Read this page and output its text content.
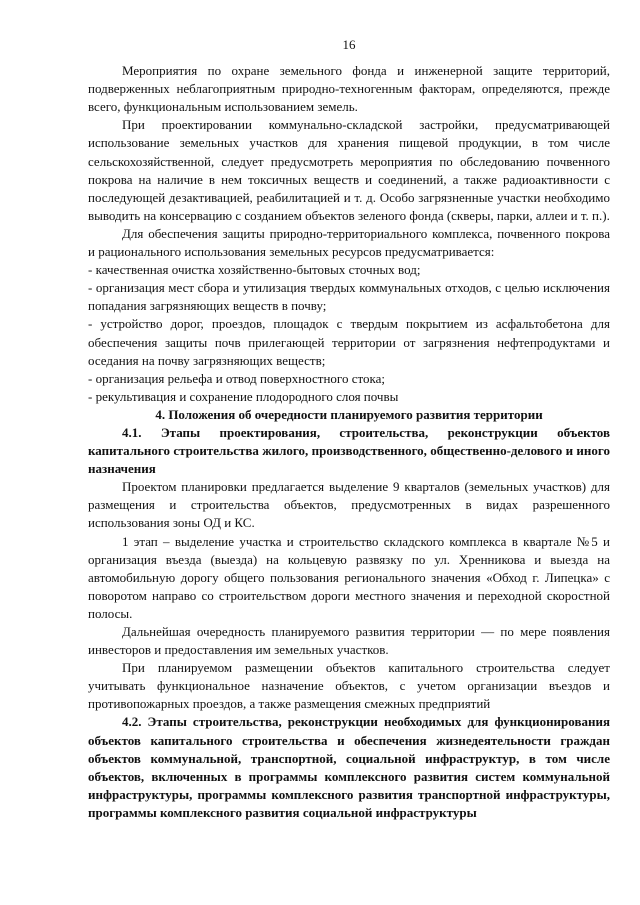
16

Мероприятия по охране земельного фонда и инженерной защите территорий, подверженных неблагоприятным природно-техногенным факторам, определяются, прежде всего, функциональным использованием земель.

При проектировании коммунально-складской застройки, предусматривающей использование земельных участков для хранения пищевой продукции, в том числе сельскохозяйственной, следует предусмотреть мероприятия по обследованию почвенного покрова на наличие в нем токсичных веществ и соединений, а также радиоактивности с последующей дезактивацией, реабилитацией и т. д. Особо загрязненные участки необходимо выводить на консервацию с созданием объектов зеленого фонда (скверы, парки, аллеи и т. п.).

Для обеспечения защиты природно-территориального комплекса, почвенного покрова и рационального использования земельных ресурсов предусматривается:

- качественная очистка хозяйственно-бытовых сточных вод;

- организация мест сбора и утилизация твердых коммунальных отходов, с целью исключения попадания загрязняющих веществ в почву;

- устройство дорог, проездов, площадок с твердым покрытием из асфальтобетона для обеспечения защиты почв прилегающей территории от загрязнения нефтепродуктами и оседания на почву загрязняющих веществ;

- организация рельефа и отвод поверхностного стока;

- рекультивация и сохранение плодородного слоя почвы

4. Положения об очередности планируемого развития территории

4.1. Этапы проектирования, строительства, реконструкции объектов капитального строительства жилого, производственного, общественно-делового и иного назначения

Проектом планировки предлагается выделение 9 кварталов (земельных участков) для размещения и строительства объектов, предусмотренных в видах разрешенного использования зоны ОД и КС.

1 этап – выделение участка и строительство складского комплекса в квартале №5 и организация въезда (выезда) на кольцевую развязку по ул. Хренникова и выезда на автомобильную дорогу общего пользования регионального значения «Обход г. Липецка» с поворотом направо со строительством дороги местного значения и переходной скоростной полосы.

Дальнейшая очередность планируемого развития территории — по мере появления инвесторов и предоставления им земельных участков.

При планируемом размещении объектов капитального строительства следует учитывать функциональное назначение объектов, с учетом организации въездов и противопожарных проездов, а также размещения смежных предприятий

4.2. Этапы строительства, реконструкции необходимых для функционирования объектов капитального строительства и обеспечения жизнедеятельности граждан объектов коммунальной, транспортной, социальной инфраструктур, в том числе объектов, включенных в программы комплексного развития систем коммунальной инфраструктуры, программы комплексного развития транспортной инфраструктуры, программы комплексного развития социальной инфраструктуры
